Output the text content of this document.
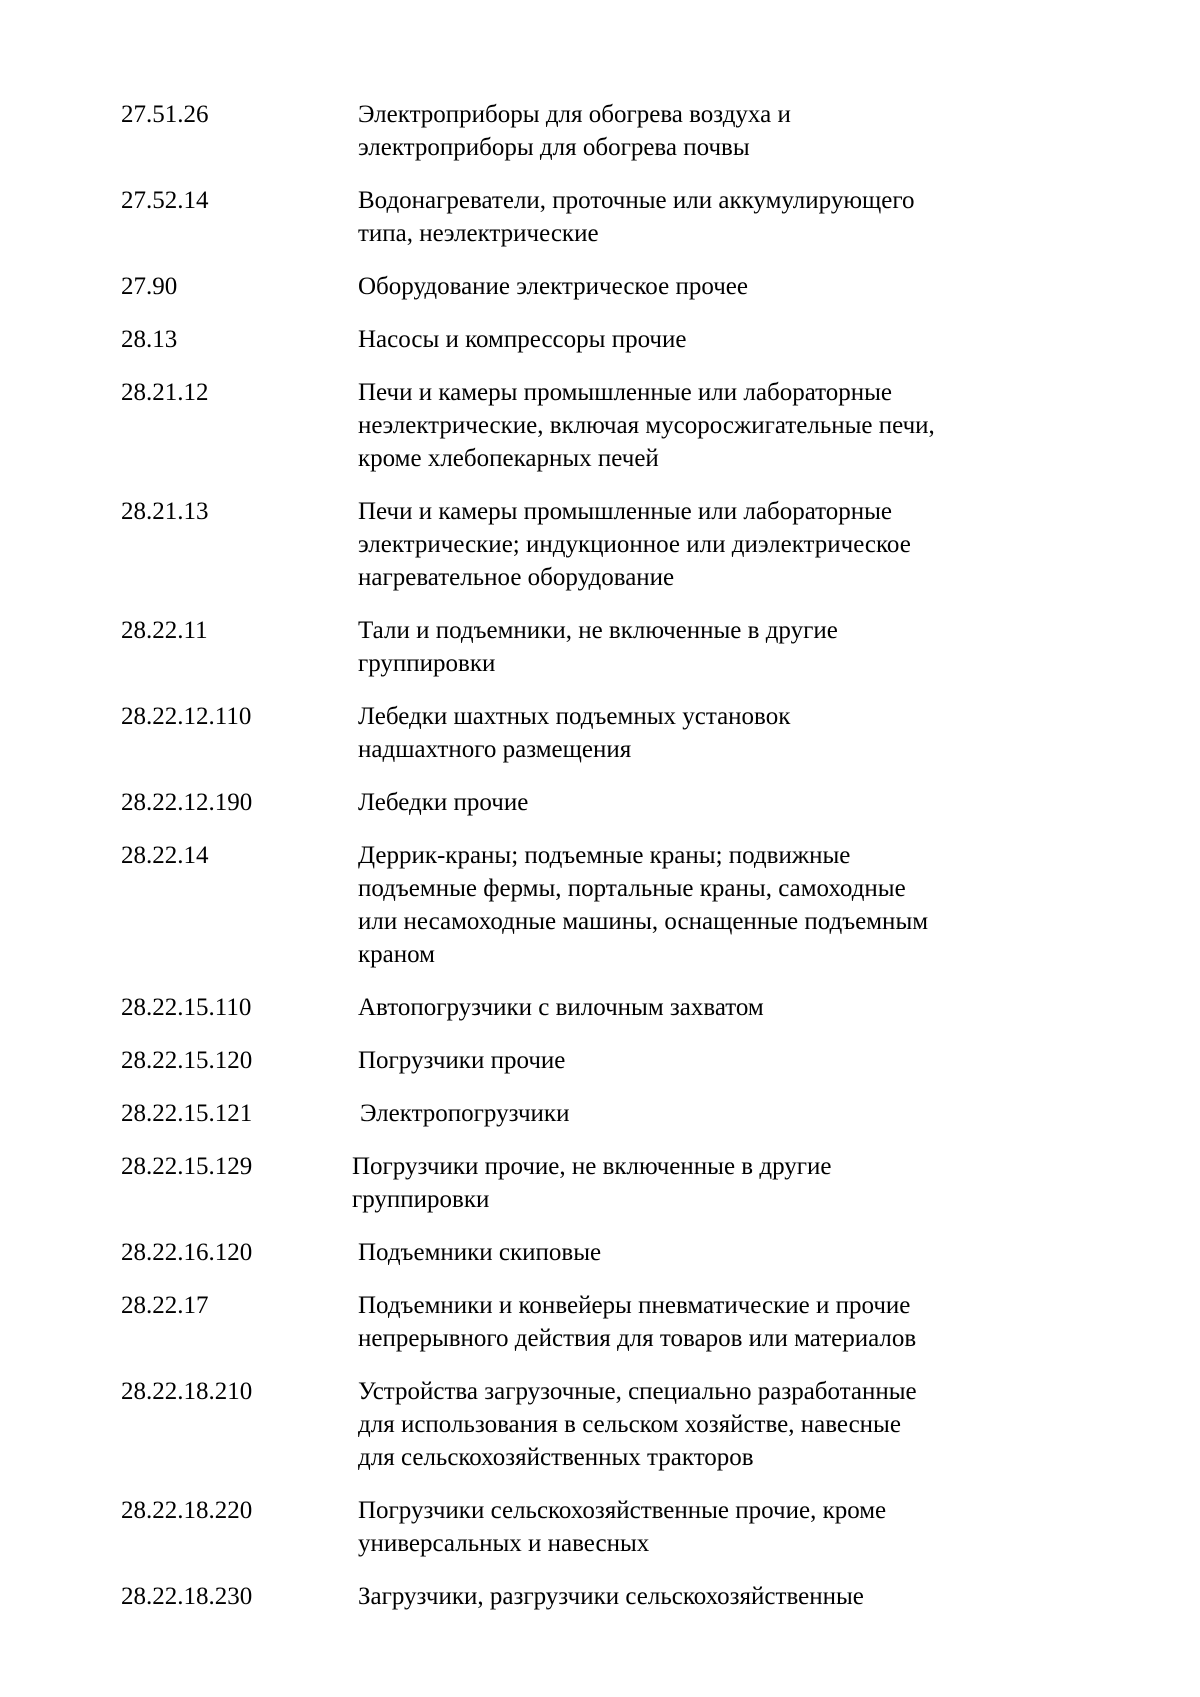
27.51.26	Электроприборы для обогрева воздуха и
электроприборы для обогрева почвы
27.52.14	Водонагреватели, проточные или аккумулирующего
типа, неэлектрические
27.90	Оборудование электрическое прочее
28.13	Насосы и компрессоры прочие
28.21.12	Печи и камеры промышленные или лабораторные
неэлектрические, включая мусоросжигательные печи,
кроме хлебопекарных печей
28.21.13	Печи и камеры промышленные или лабораторные
электрические; индукционное или диэлектрическое
нагревательное оборудование
28.22.11	Тали и подъемники, не включенные в другие
группировки
28.22.12.110	Лебедки шахтных подъемных установок
надшахтного размещения
28.22.12.190	Лебедки прочие
28.22.14	Деррик-краны; подъемные краны; подвижные
подъемные фермы, портальные краны, самоходные
или несамоходные машины, оснащенные подъемным
краном
28.22.15.110	Автопогрузчики с вилочным захватом
28.22.15.120	Погрузчики прочие
28.22.15.121	Электропогрузчики
28.22.15.129	Погрузчики прочие, не включенные в другие
группировки
28.22.16.120	Подъемники скиповые
28.22.17	Подъемники и конвейеры пневматические и прочие
непрерывного действия для товаров или материалов
28.22.18.210	Устройства загрузочные, специально разработанные
для использования в сельском хозяйстве, навесные
для сельскохозяйственных тракторов
28.22.18.220	Погрузчики сельскохозяйственные прочие, кроме
универсальных и навесных
28.22.18.230	Загрузчики, разгрузчики сельскохозяйственные
